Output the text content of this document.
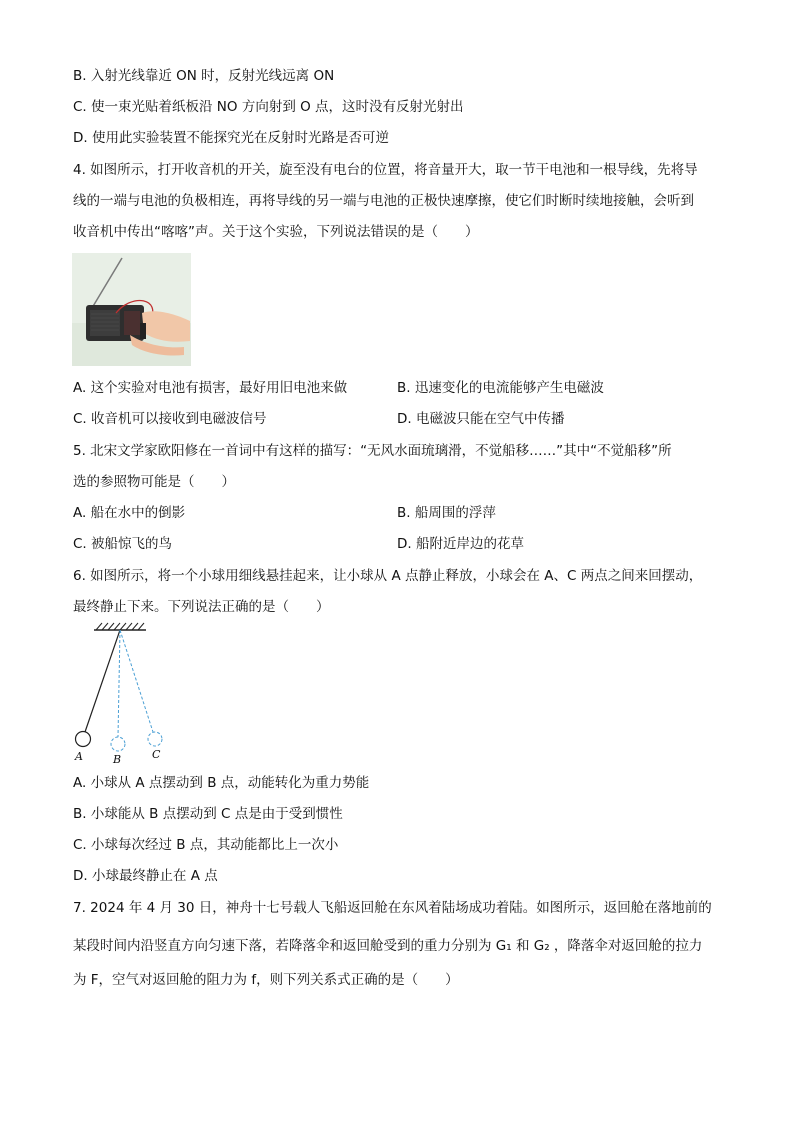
B. 入射光线靠近 ON 时，反射光线远离 ON
C. 使一束光贴着纸板沿 NO 方向射到 O 点，这时没有反射光射出
D. 使用此实验装置不能探究光在反射时光路是否可逆
4. 如图所示，打开收音机的开关，旋至没有电台的位置，将音量开大，取一节干电池和一根导线，先将导
线的一端与电池的负极相连，再将导线的另一端与电池的正极快速摩擦，使它们时断时续地接触，会听到
收音机中传出“喀喀”声。关于这个实验，下列说法错误的是（　　）
A. 这个实验对电池有损害，最好用旧电池来做	B. 迅速变化的电流能够产生电磁波
C. 收音机可以接收到电磁波信号	D. 电磁波只能在空气中传播
5. 北宋文学家欧阳修在一首词中有这样的描写：“无风水面琉璃滑，不觉船移……”其中“不觉船移”所
选的参照物可能是（　　）
A. 船在水中的倒影	B. 船周围的浮萍
C. 被船惊飞的鸟	D. 船附近岸边的花草
6. 如图所示，将一个小球用细线悬挂起来，让小球从 A 点静止释放，小球会在 A、C 两点之间来回摆动，
最终静止下来。下列说法正确的是（　　）
A	B	C
A. 小球从 A 点摆动到 B 点，动能转化为重力势能
B. 小球能从 B 点摆动到 C 点是由于受到惯性
C. 小球每次经过 B 点，其动能都比上一次小
D. 小球最终静止在 A 点
7. 2024 年 4 月 30 日，神舟十七号载人飞船返回舱在东风着陆场成功着陆。如图所示，返回舱在落地前的
某段时间内沿竖直方向匀速下落，若降落伞和返回舱受到的重力分别为 G₁ 和 G₂ ，降落伞对返回舱的拉力
为 F，空气对返回舱的阻力为 f，则下列关系式正确的是（　　）
